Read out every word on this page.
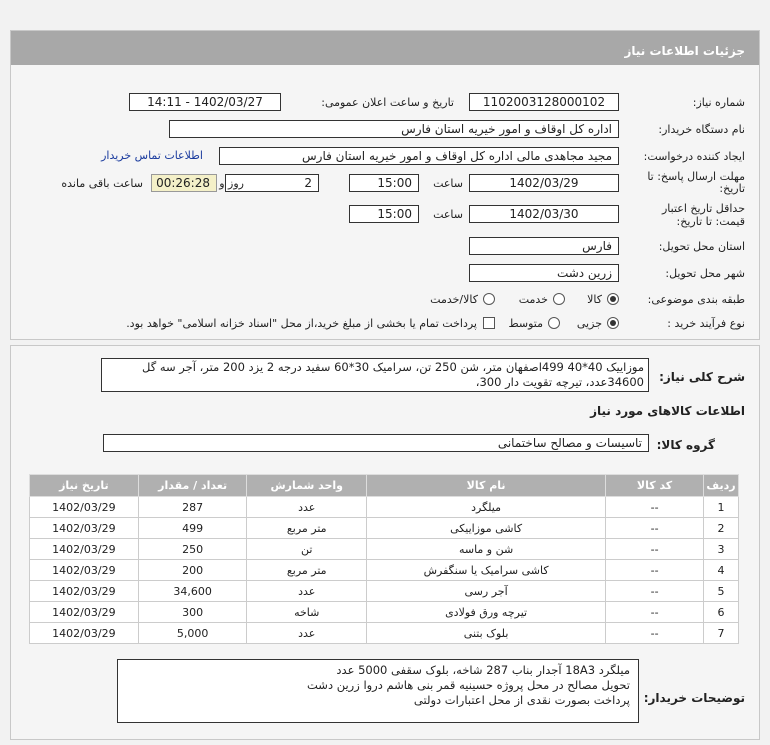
جزئیات اطلاعات نیاز
شماره نیاز:
1102003128000102
تاریخ و ساعت اعلان عمومی:
1402/03/27 - 14:11
نام دستگاه خریدار:
اداره کل اوقاف و امور خیریه استان فارس
ایجاد کننده درخواست:
مجید مجاهدی مالی اداره کل اوقاف و امور خیریه استان فارس
اطلاعات تماس خریدار
مهلت ارسال پاسخ: تا
تاریخ:
1402/03/29
ساعت
15:00
2
روز و
00:26:28
ساعت باقی مانده
حداقل تاریخ اعتبار
قیمت: تا تاریخ:
1402/03/30
ساعت
15:00
استان محل تحویل:
فارس
شهر محل تحویل:
زرین دشت
طبقه بندی موضوعی:
کالا
خدمت
کالا/خدمت
نوع فرآیند خرید :
جزیی
متوسط
پرداخت تمام یا بخشی از مبلغ خرید،از محل "اسناد خزانه اسلامی" خواهد بود.
شرح کلی نیاز:
موزاییک 40*40 499اصفهان متر، شن 250 تن، سرامیک 30*60 سفید درجه 2 یزد 200 متر، آجر سه گل 34600عدد، تیرچه تقویت دار 300،
اطلاعات کالاهای مورد نیاز
گروه کالا:
تاسیسات و مصالح ساختمانی
ردیف	کد کالا	نام کالا	واحد شمارش	تعداد / مقدار	تاریخ نیاز
1	--	میلگرد	عدد	287	1402/03/29
2	--	کاشی موزاییکی	متر مربع	499	1402/03/29
3	--	شن و ماسه	تن	250	1402/03/29
4	--	کاشی سرامیک یا سنگفرش	متر مربع	200	1402/03/29
5	--	آجر رسی	عدد	34,600	1402/03/29
6	--	تیرچه ورق فولادی	شاخه	300	1402/03/29
7	--	بلوک بتنی	عدد	5,000	1402/03/29
توضیحات خریدار:
میلگرد 18A3 آجدار بناب 287 شاخه، بلوک سقفی 5000 عدد
تحویل مصالح در محل پروژه حسینیه قمر بنی هاشم دروا زرین دشت
پرداخت بصورت نقدی از محل اعتبارات دولتی
